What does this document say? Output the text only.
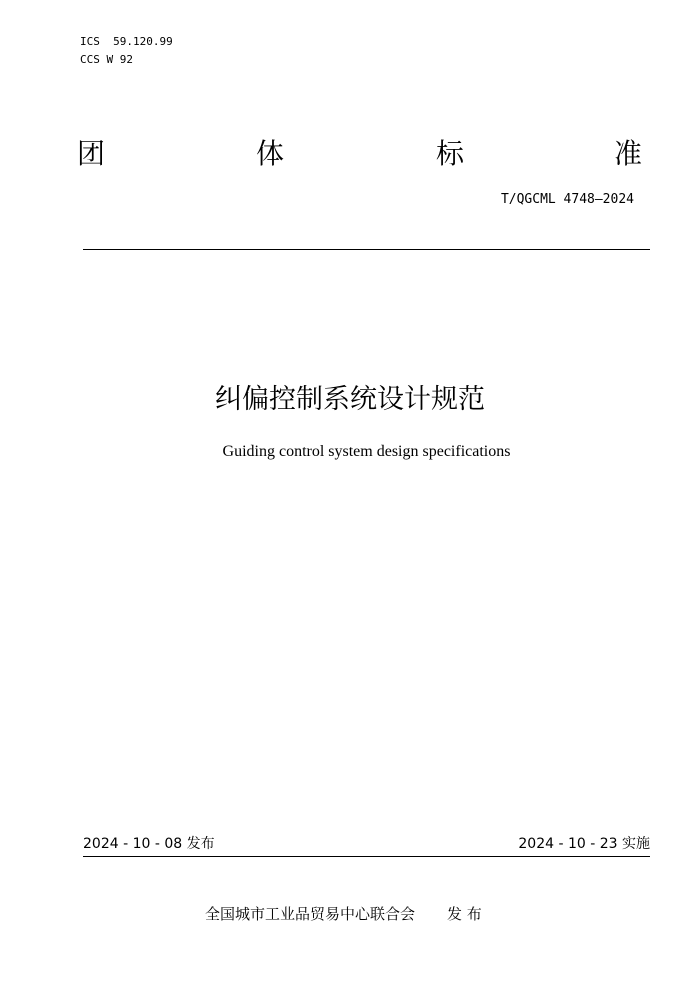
ICS  59.120.99
CCS W 92
团	体	标	准
T/QGCML 4748—2024
纠偏控制系统设计规范
Guiding control system design specifications
2024 - 10 - 08 发布	2024 - 10 - 23 实施
全国城市工业品贸易中心联合会 发 布
